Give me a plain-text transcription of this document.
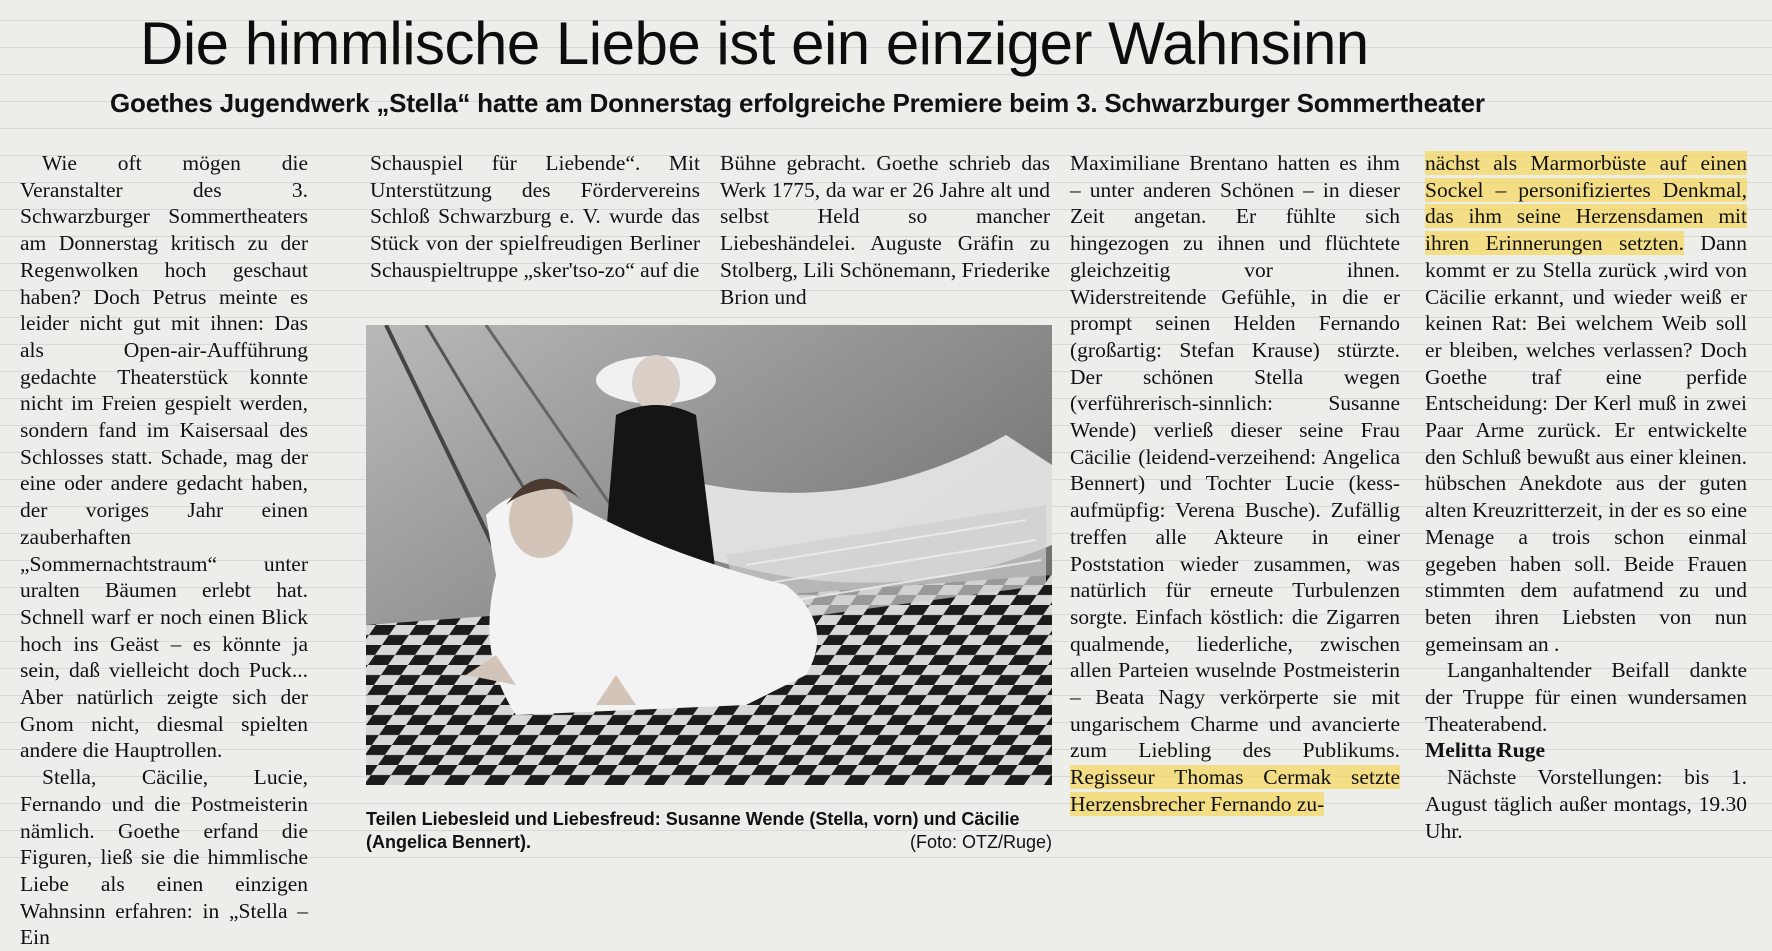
Die himmlische Liebe ist ein einziger Wahnsinn
Goethes Jugendwerk „Stella“ hatte am Donnerstag erfolgreiche Premiere beim 3. Schwarzburger Sommertheater

Wie oft mögen die Veranstalter des 3. Schwarzburger Sommertheaters am Donnerstag kritisch zu der Regenwolken hoch geschaut haben? Doch Petrus meinte es leider nicht gut mit ihnen: Das als Open-air-Aufführung gedachte Theaterstück konnte nicht im Freien gespielt werden, sondern fand im Kaisersaal des Schlosses statt. Schade, mag der eine oder andere gedacht haben, der voriges Jahr einen zauberhaften „Sommernachtstraum“ unter uralten Bäumen erlebt hat. Schnell warf er noch einen Blick hoch ins Geäst – es könnte ja sein, daß vielleicht doch Puck... Aber natürlich zeigte sich der Gnom nicht, diesmal spielten andere die Hauptrollen.

Stella, Cäcilie, Lucie, Fernando und die Postmeisterin nämlich. Goethe erfand die Figuren, ließ sie die himmlische Liebe als einen einzigen Wahnsinn erfahren: in „Stella – Ein

Schauspiel für Liebende“. Mit Unterstützung des Fördervereins Schloß Schwarzburg e. V. wurde das Stück von der spielfreudigen Berliner Schauspieltruppe „sker'tso-zo“ auf die

Bühne gebracht. Goethe schrieb das Werk 1775, da war er 26 Jahre alt und selbst Held so mancher Liebeshändelei. Auguste Gräfin zu Stolberg, Lili Schönemann, Friederike Brion und

Teilen Liebesleid und Liebesfreud: Susanne Wende (Stella, vorn) und Cäcilie (Angelica Bennert).	(Foto: OTZ/Ruge)

Maximiliane Brentano hatten es ihm – unter anderen Schönen – in dieser Zeit angetan. Er fühlte sich hingezogen zu ihnen und flüchtete gleichzeitig vor ihnen. Widerstreitende Gefühle, in die er prompt seinen Helden Fernando (großartig: Stefan Krause) stürzte. Der schönen Stella wegen (verführerisch-sinnlich: Susanne Wende) verließ dieser seine Frau Cäcilie (leidend-verzeihend: Angelica Bennert) und Tochter Lucie (kess-aufmüpfig: Verena Busche). Zufällig treffen alle Akteure in einer Poststation wieder zusammen, was natürlich für erneute Turbulenzen sorgte. Einfach köstlich: die Zigarren qualmende, liederliche, zwischen allen Parteien wuselnde Postmeisterin – Beata Nagy verkörperte sie mit ungarischem Charme und avancierte zum Liebling des Publikums. Regisseur Thomas Cermak setzte Herzensbrecher Fernando zu-

nächst als Marmorbüste auf einen Sockel – personifiziertes Denkmal, das ihm seine Herzensdamen mit ihren Erinnerungen setzten. Dann kommt er zu Stella zurück ,wird von Cäcilie erkannt, und wieder weiß er keinen Rat: Bei welchem Weib soll er bleiben, welches verlassen? Doch Goethe traf eine perfide Entscheidung: Der Kerl muß in zwei Paar Arme zurück. Er entwickelte den Schluß bewußt aus einer kleinen. hübschen Anekdote aus der guten alten Kreuzritterzeit, in der es so eine Menage a trois schon einmal gegeben haben soll. Beide Frauen stimmten dem aufatmend zu und beten ihren Liebsten von nun gemeinsam an .

Langanhaltender Beifall dankte der Truppe für einen wundersamen Theaterabend.

Melitta Ruge

Nächste Vorstellungen: bis 1. August täglich außer montags, 19.30 Uhr.
